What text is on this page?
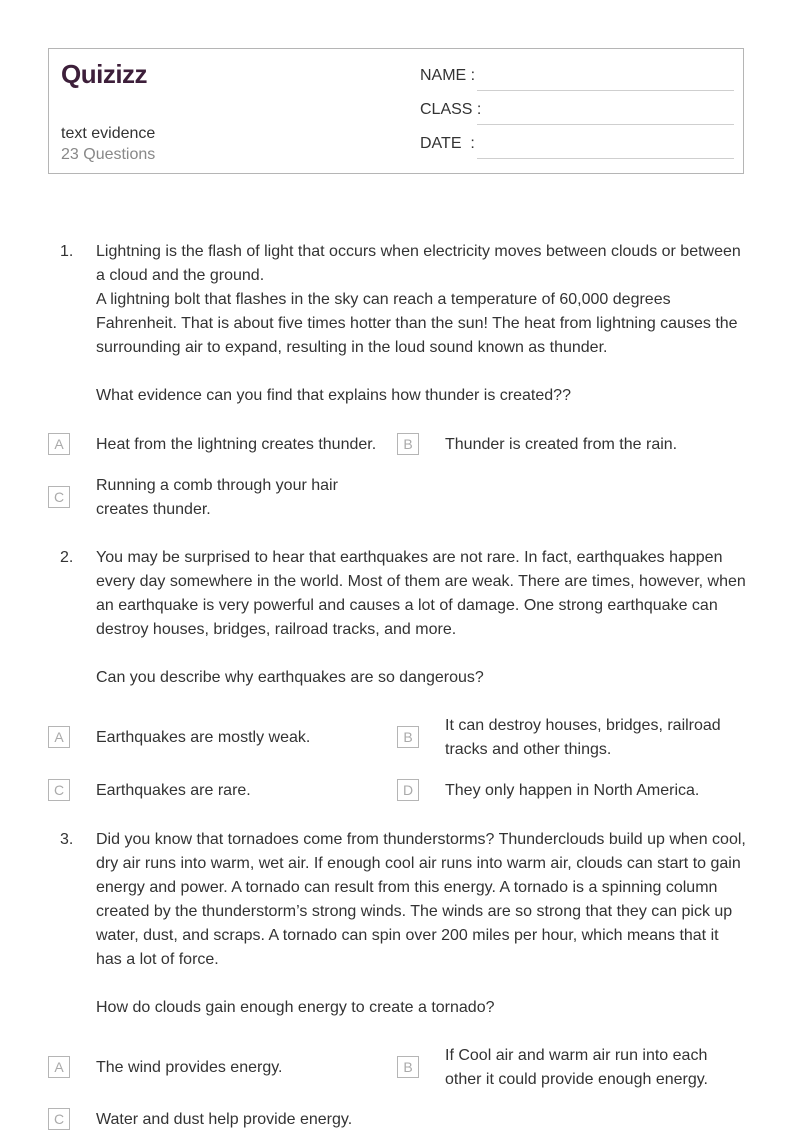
Quizizz
text evidence
23 Questions
NAME :
CLASS :
DATE  :
1. Lightning is the flash of light that occurs when electricity moves between clouds or between a cloud and the ground.
A lightning bolt that flashes in the sky can reach a temperature of 60,000 degrees Fahrenheit. That is about five times hotter than the sun! The heat from lightning causes the surrounding air to expand, resulting in the loud sound known as thunder.
What evidence can you find that explains how thunder is created??
A	Heat from the lightning creates thunder.	B	Thunder is created from the rain.
C
Running a comb through your hair creates thunder.
2. You may be surprised to hear that earthquakes are not rare. In fact, earthquakes happen every day somewhere in the world. Most of them are weak. There are times, however, when an earthquake is very powerful and causes a lot of damage. One strong earthquake can destroy houses, bridges, railroad tracks, and more.
Can you describe why earthquakes are so dangerous?
A	Earthquakes are mostly weak.	B
It can destroy houses, bridges, railroad tracks and other things.
C	Earthquakes are rare.	D	They only happen in North America.
3. Did you know that tornadoes come from thunderstorms? Thunderclouds build up when cool, dry air runs into warm, wet air. If enough cool air runs into warm air, clouds can start to gain energy and power. A tornado can result from this energy. A tornado is a spinning column created by the thunderstorm’s strong winds. The winds are so strong that they can pick up water, dust, and scraps. A tornado can spin over 200 miles per hour, which means that it has a lot of force.
How do clouds gain enough energy to create a tornado?
A	The wind provides energy.	B
If Cool air and warm air run into each other it could provide enough energy.
C	Water and dust help provide energy.
